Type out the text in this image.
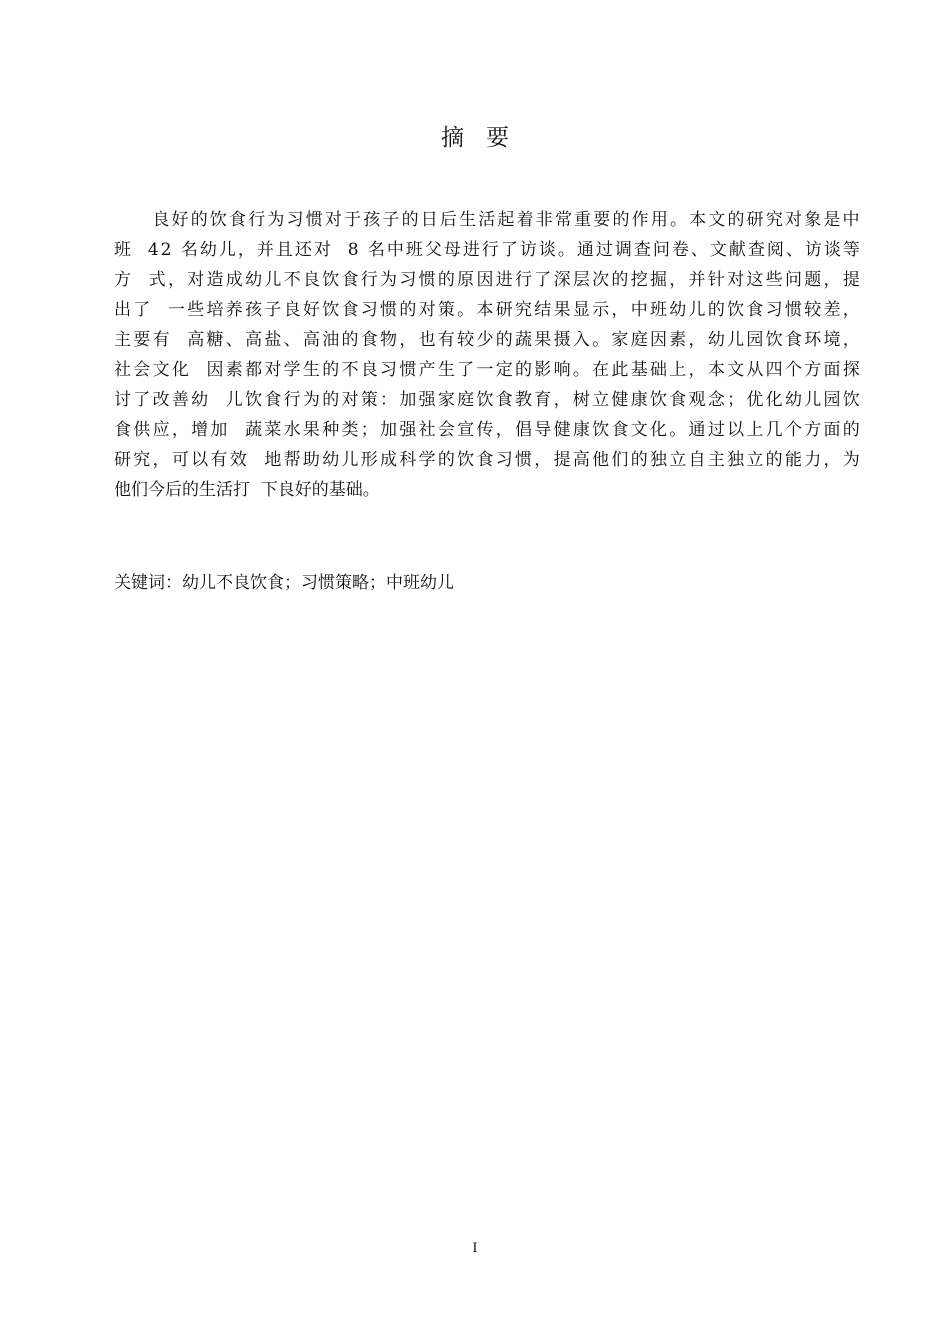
摘 要

良 好 的 饮 食 行 为 习 惯 对 于 孩 子 的 日 后 生 活 起 着 非 常 重 要 的 作 用 。 本 文 的 研 究 对 象 是 中
班

4 2
名 幼 儿 ， 并 且 还 对

8
名 中 班 父 母 进 行 了 访 谈 。 通 过 调 查 问 卷 、 文 献 查 阅 、 访 谈 等
方

式 ， 对 造 成 幼 儿 不 良 饮 食 行 为 习 惯 的 原 因 进 行 了 深 层 次 的 挖 掘 ， 并 针 对 这 些 问 题 ， 提
出 了

一 些 培 养 孩 子 良 好 饮 食 习 惯 的 对 策 。 本 研 究 结 果 显 示 ， 中 班 幼 儿 的 饮 食 习 惯 较 差 ，
主 要 有

高 糖 、 高 盐 、 高 油 的 食 物 ， 也 有 较 少 的 蔬 果 摄 入 。 家 庭 因 素 ， 幼 儿 园 饮 食 环 境 ，
社 会 文 化

因 素 都 对 学 生 的 不 良 习 惯 产 生 了 一 定 的 影 响 。 在 此 基 础 上 ， 本 文 从 四 个 方 面 探
讨 了 改 善 幼

儿 饮 食 行 为 的 对 策 ： 加 强 家 庭 饮 食 教 育 ， 树 立 健 康 饮 食 观 念 ； 优 化 幼 儿 园 饮
食 供 应 ， 增 加

蔬 菜 水 果 种 类 ； 加 强 社 会 宣 传 ， 倡 导 健 康 饮 食 文 化 。 通 过 以 上 几 个 方 面 的
研 究 ， 可 以 有 效

地 帮 助 幼 儿 形 成 科 学 的 饮 食 习 惯 ， 提 高 他 们 的 独 立 自 主 独 立 的 能 力 ， 为
他们今后的生活打  下良好的基础。
关键词：幼儿不良饮食；习惯策略；中班幼儿
I
